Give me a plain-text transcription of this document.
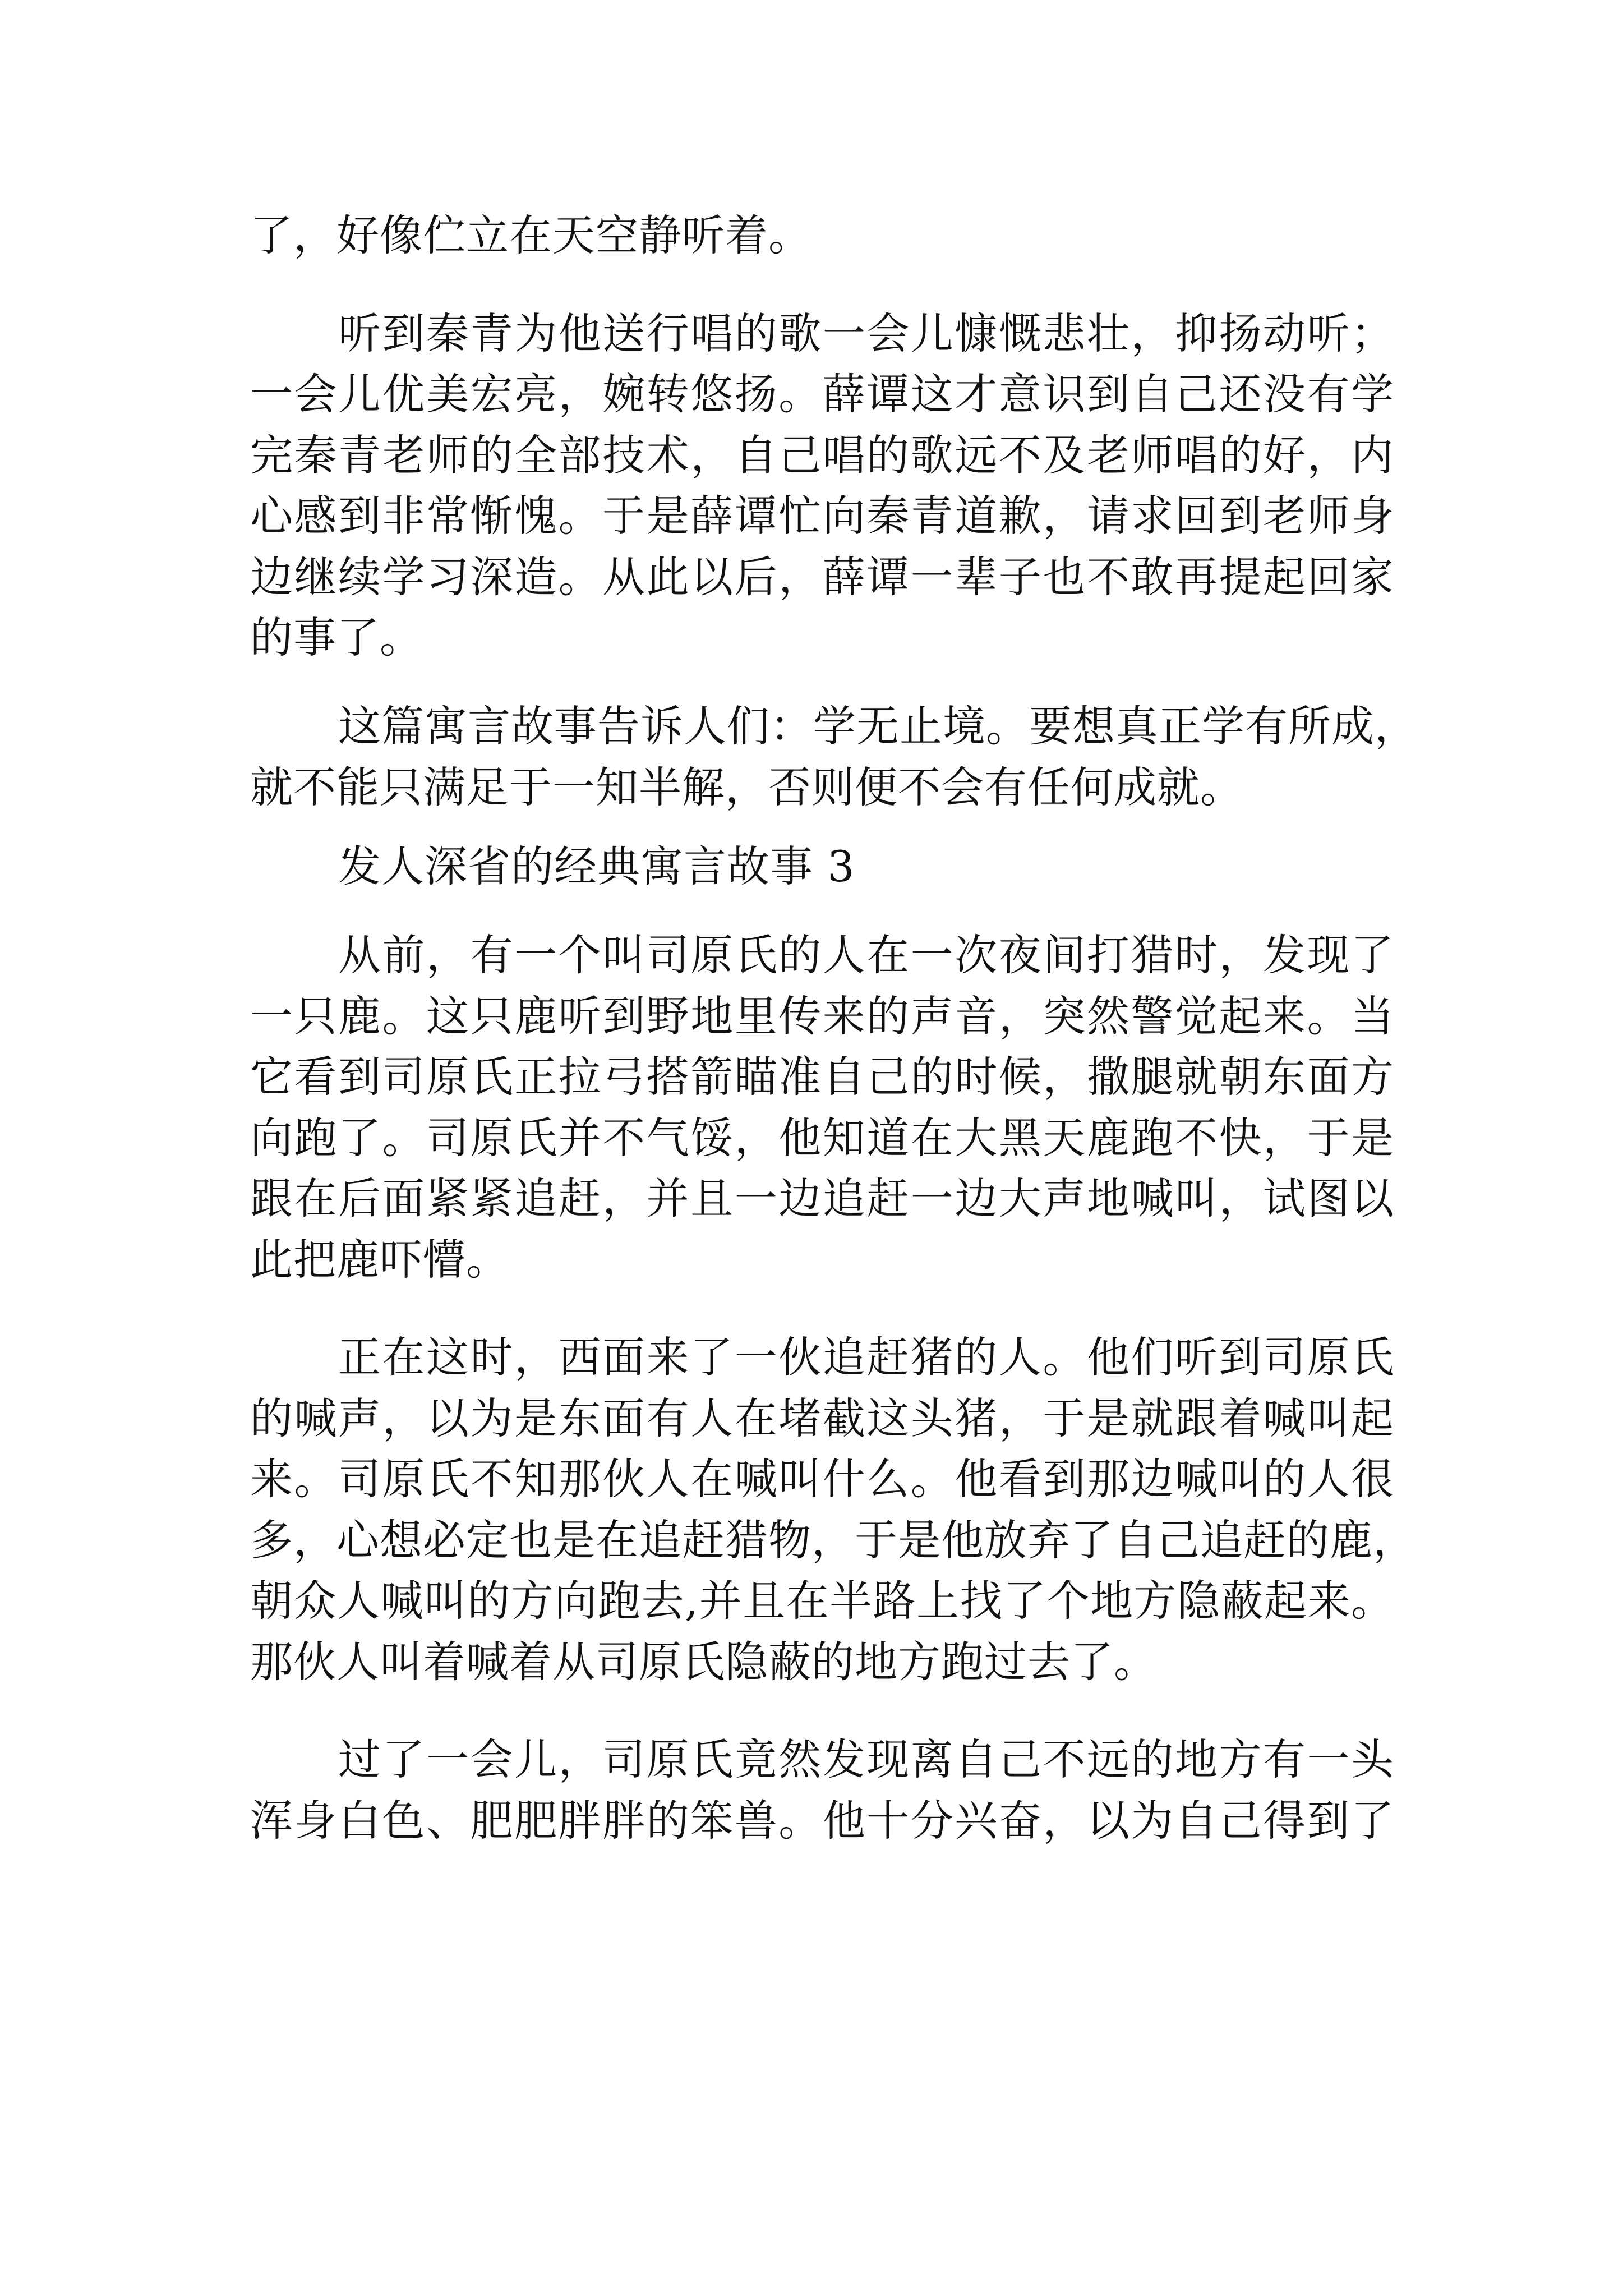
了，好像伫立在天空静听着。
听到秦青为他送行唱的歌一会儿慷慨悲壮，抑扬动听；
一会儿优美宏亮，婉转悠扬。薛谭这才意识到自己还没有学
完秦青老师的全部技术，自己唱的歌远不及老师唱的好，内
心感到非常惭愧。于是薛谭忙向秦青道歉，请求回到老师身
边继续学习深造。从此以后，薛谭一辈子也不敢再提起回家
的事了。
这篇寓言故事告诉人们：学无止境。要想真正学有所成，
就不能只满足于一知半解，否则便不会有任何成就。
发人深省的经典寓言故事 3
从前，有一个叫司原氏的人在一次夜间打猎时，发现了
一只鹿。这只鹿听到野地里传来的声音，突然警觉起来。当
它看到司原氏正拉弓搭箭瞄准自己的时候，撒腿就朝东面方
向跑了。司原氏并不气馁，他知道在大黑天鹿跑不快，于是
跟在后面紧紧追赶，并且一边追赶一边大声地喊叫，试图以
此把鹿吓懵。
正在这时，西面来了一伙追赶猪的人。他们听到司原氏
的喊声，以为是东面有人在堵截这头猪，于是就跟着喊叫起
来。司原氏不知那伙人在喊叫什么。他看到那边喊叫的人很
多，心想必定也是在追赶猎物，于是他放弃了自己追赶的鹿，
朝众人喊叫的方向跑去,并且在半路上找了个地方隐蔽起来。
那伙人叫着喊着从司原氏隐蔽的地方跑过去了。
过了一会儿，司原氏竟然发现离自己不远的地方有一头
浑身白色、肥肥胖胖的笨兽。他十分兴奋，以为自己得到了
